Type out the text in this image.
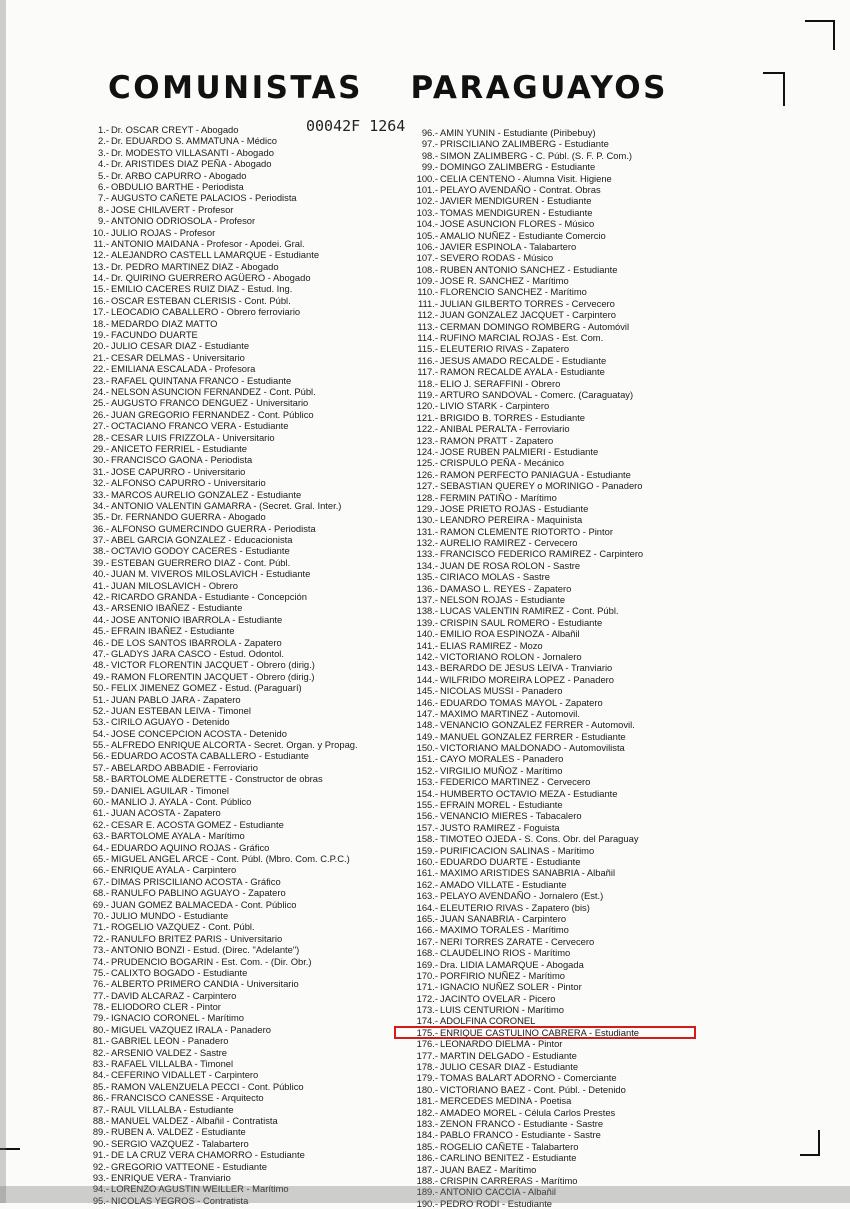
COMUNISTAS PARAGUAYOS
00042F 1264
1.- Dr. OSCAR CREYT - Abogado
2.- Dr. EDUARDO S. AMMATUNA - Médico
3.- Dr. MODESTO VILLASANTI - Abogado
4.- Dr. ARISTIDES DIAZ PEÑA - Abogado
5.- Dr. ARBO CAPURRO - Abogado
6.- OBDULIO BARTHE - Periodista
7.- AUGUSTO CAÑETE PALACIOS - Periodista
8.- JOSE CHILAVERT - Profesor
9.- ANTONIO ODRIOSOLA - Profesor
10.- JULIO ROJAS - Profesor
11.- ANTONIO MAIDANA - Profesor - Apodei. Gral.
12.- ALEJANDRO CASTELL LAMARQUE - Estudiante
13.- Dr. PEDRO MARTINEZ DIAZ - Abogado
14.- Dr. QUIRINO GUERRERO AGÜERO - Abogado
15.- EMILIO CACERES RUIZ DIAZ - Estud. Ing.
16.- OSCAR ESTEBAN CLERISIS - Cont. Públ.
17.- LEOCADIO CABALLERO - Obrero ferroviario
18.- MEDARDO DIAZ MATTO
19.- FACUNDO DUARTE
20.- JULIO CESAR DIAZ - Estudiante
21.- CESAR DELMAS - Universitario
22.- EMILIANA ESCALADA - Profesora
23.- RAFAEL QUINTANA FRANCO - Estudiante
24.- NELSON ASUNCION FERNANDEZ - Cont. Públ.
25.- AUGUSTO FRANCO DENGUEZ - Universitario
26.- JUAN GREGORIO FERNANDEZ - Cont. Público
27.- OCTACIANO FRANCO VERA - Estudiante
28.- CESAR LUIS FRIZZOLA - Universitario
29.- ANICETO FERRIEL - Estudiante
30.- FRANCISCO GAONA - Periodista
31.- JOSE CAPURRO - Universitario
32.- ALFONSO CAPURRO - Universitario
33.- MARCOS AURELIO GONZALEZ - Estudiante
34.- ANTONIO VALENTIN GAMARRA - (Secret. Gral. Inter.)
35.- Dr. FERNANDO GUERRA - Abogado
36.- ALFONSO GUMERCINDO GUERRA - Periodista
37.- ABEL GARCIA GONZALEZ - Educacionista
38.- OCTAVIO GODOY CACERES - Estudiante
39.- ESTEBAN GUERRERO DIAZ - Cont. Públ.
40.- JUAN M. VIVEROS MILOSLAVICH - Estudiante
41.- JUAN MILOSLAVICH - Obrero
42.- RICARDO GRANDA - Estudiante - Concepción
43.- ARSENIO IBAÑEZ - Estudiante
44.- JOSE ANTONIO IBARROLA - Estudiante
45.- EFRAIN IBAÑEZ - Estudiante
46.- DE LOS SANTOS IBARROLA - Zapatero
47.- GLADYS JARA CASCO - Estud. Odontol.
48.- VICTOR FLORENTIN JACQUET - Obrero (dirig.)
49.- RAMON FLORENTIN JACQUET - Obrero (dirig.)
50.- FELIX JIMENEZ GOMEZ - Estud. (Paraguarí)
51.- JUAN PABLO JARA - Zapatero
52.- JUAN ESTEBAN LEIVA - Timonel
53.- CIRILO AGUAYO - Detenido
54.- JOSE CONCEPCION ACOSTA - Detenido
55.- ALFREDO ENRIQUE ALCORTA - Secret. Organ. y Propag.
56.- EDUARDO ACOSTA CABALLERO - Estudiante
57.- ABELARDO ABBADIE - Ferroviario
58.- BARTOLOME ALDERETTE - Constructor de obras
59.- DANIEL AGUILAR - Timonel
60.- MANLIO J. AYALA - Cont. Público
61.- JUAN ACOSTA - Zapatero
62.- CESAR E. ACOSTA GOMEZ - Estudiante
63.- BARTOLOME AYALA - Marítimo
64.- EDUARDO AQUINO ROJAS - Gráfico
65.- MIGUEL ANGEL ARCE - Cont. Públ. (Mbro. Com. C.P.C.)
66.- ENRIQUE AYALA - Carpintero
67.- DIMAS PRISCILIANO ACOSTA - Gráfico
68.- RANULFO PABLINO AGUAYO - Zapatero
69.- JUAN GOMEZ BALMACEDA - Cont. Público
70.- JULIO MUNDO - Estudiante
71.- ROGELIO VAZQUEZ - Cont. Públ.
72.- RANULFO BRITEZ PARIS - Universitario
73.- ANTONIO BONZI - Estud. (Direc. "Adelante")
74.- PRUDENCIO BOGARIN - Est. Com. - (Dir. Obr.)
75.- CALIXTO BOGADO - Estudiante
76.- ALBERTO PRIMERO CANDIA - Universitario
77.- DAVID ALCARAZ - Carpintero
78.- ELIODORO CLER - Pintor
79.- IGNACIO CORONEL - Marítimo
80.- MIGUEL VAZQUEZ IRALA - Panadero
81.- GABRIEL LEON - Panadero
82.- ARSENIO VALDEZ - Sastre
83.- RAFAEL VILLALBA - Timonel
84.- CEFERINO VIDALLET - Carpintero
85.- RAMON VALENZUELA PECCI - Cont. Público
86.- FRANCISCO CANESSE - Arquitecto
87.- RAUL VILLALBA - Estudiante
88.- MANUEL VALDEZ - Albañil - Contratista
89.- RUBEN A. VALDEZ - Estudiante
90.- SERGIO VAZQUEZ - Talabartero
91.- DE LA CRUZ VERA CHAMORRO - Estudiante
92.- GREGORIO VATTEONE - Estudiante
93.- ENRIQUE VERA - Tranviario
94.- LORENZO AGUSTIN WEILLER - Marítimo
95.- NICOLAS YEGROS - Contratista
96.- AMIN YUNIN - Estudiante (Piribebuy)
97.- PRISCILIANO ZALIMBERG - Estudiante
98.- SIMON ZALIMBERG - C. Públ. (S. F. P. Com.)
99.- DOMINGO ZALIMBERG - Estudiante
100.- CELIA CENTENO - Alumna Visit. Higiene
101.- PELAYO AVENDAÑO - Contrat. Obras
102.- JAVIER MENDIGUREN - Estudiante
103.- TOMAS MENDIGUREN - Estudiante
104.- JOSE ASUNCION FLORES - Músico
105.- AMALIO NUÑEZ - Estudiante Comercio
106.- JAVIER ESPINOLA - Talabartero
107.- SEVERO RODAS - Músico
108.- RUBEN ANTONIO SANCHEZ - Estudiante
109.- JOSE R. SANCHEZ - Marítimo
110.- FLORENCIO SANCHEZ - Marítimo
111.- JULIAN GILBERTO TORRES - Cervecero
112.- JUAN GONZALEZ JACQUET - Carpintero
113.- CERMAN DOMINGO ROMBERG - Automóvil
114.- RUFINO MARCIAL ROJAS - Est. Com.
115.- ELEUTERIO RIVAS - Zapatero
116.- JESUS AMADO RECALDE - Estudiante
117.- RAMON RECALDE AYALA - Estudiante
118.- ELIO J. SERAFFINI - Obrero
119.- ARTURO SANDOVAL - Comerc. (Caraguatay)
120.- LIVIO STARK - Carpintero
121.- BRIGIDO B. TORRES - Estudiante
122.- ANIBAL PERALTA - Ferroviario
123.- RAMON PRATT - Zapatero
124.- JOSE RUBEN PALMIERI - Estudiante
125.- CRISPULO PEÑA - Mecánico
126.- RAMON PERFECTO PANIAGUA - Estudiante
127.- SEBASTIAN QUEREY o MORINIGO - Panadero
128.- FERMIN PATIÑO - Marítimo
129.- JOSE PRIETO ROJAS - Estudiante
130.- LEANDRO PEREIRA - Maquinista
131.- RAMON CLEMENTE RIOTORTO - Pintor
132.- AURELIO RAMIREZ - Cervecero
133.- FRANCISCO FEDERICO RAMIREZ - Carpintero
134.- JUAN DE ROSA ROLON - Sastre
135.- CIRIACO MOLAS - Sastre
136.- DAMASO L. REYES - Zapatero
137.- NELSON ROJAS - Estudiante
138.- LUCAS VALENTIN RAMIREZ - Cont. Públ.
139.- CRISPIN SAUL ROMERO - Estudiante
140.- EMILIO ROA ESPINOZA - Albañil
141.- ELIAS RAMIREZ - Mozo
142.- VICTORIANO ROLON - Jornalero
143.- BERARDO DE JESUS LEIVA - Tranviario
144.- WILFRIDO MOREIRA LOPEZ - Panadero
145.- NICOLAS MUSSI - Panadero
146.- EDUARDO TOMAS MAYOL - Zapatero
147.- MAXIMO MARTINEZ - Automovil.
148.- VENANCIO GONZALEZ FERRER - Automovil.
149.- MANUEL GONZALEZ FERRER - Estudiante
150.- VICTORIANO MALDONADO - Automovilista
151.- CAYO MORALES - Panadero
152.- VIRGILIO MUÑOZ - Marítimo
153.- FEDERICO MARTINEZ - Cervecero
154.- HUMBERTO OCTAVIO MEZA - Estudiante
155.- EFRAIN MOREL - Estudiante
156.- VENANCIO MIERES - Tabacalero
157.- JUSTO RAMIREZ - Foguista
158.- TIMOTEO OJEDA - S. Cons. Obr. del Paraguay
159.- PURIFICACION SALINAS - Marítimo
160.- EDUARDO DUARTE - Estudiante
161.- MAXIMO ARISTIDES SANABRIA - Albañil
162.- AMADO VILLATE - Estudiante
163.- PELAYO AVENDAÑO - Jornalero (Est.)
164.- ELEUTERIO RIVAS - Zapatero (bis)
165.- JUAN SANABRIA - Carpintero
166.- MAXIMO TORALES - Marítimo
167.- NERI TORRES ZARATE - Cervecero
168.- CLAUDELINO RIOS - Marítimo
169.- Dra. LIDIA LAMARQUE - Abogada
170.- PORFIRIO NUÑEZ - Marítimo
171.- IGNACIO NUÑEZ SOLER - Pintor
172.- JACINTO OVELAR - Picero
173.- LUIS CENTURION - Marítimo
174.- ADOLFINA CORONEL
175.- ENRIQUE CASTULINO CABRERA - Estudiante
176.- LEONARDO DIELMA - Pintor
177.- MARTIN DELGADO - Estudiante
178.- JULIO CESAR DIAZ - Estudiante
179.- TOMAS BALART ADORNO - Comerciante
180.- VICTORIANO BAEZ - Cont. Públ. - Detenido
181.- MERCEDES MEDINA - Poetisa
182.- AMADEO MOREL - Célula Carlos Prestes
183.- ZENON FRANCO - Estudiante - Sastre
184.- PABLO FRANCO - Estudiante - Sastre
185.- ROGELIO CAÑETE - Talabartero
186.- CARLINO BENITEZ - Estudiante
187.- JUAN BAEZ - Marítimo
188.- CRISPIN CARRERAS - Marítimo
189.- ANTONIO CACCIA - Albañil
190.- PEDRO RODI - Estudiante
